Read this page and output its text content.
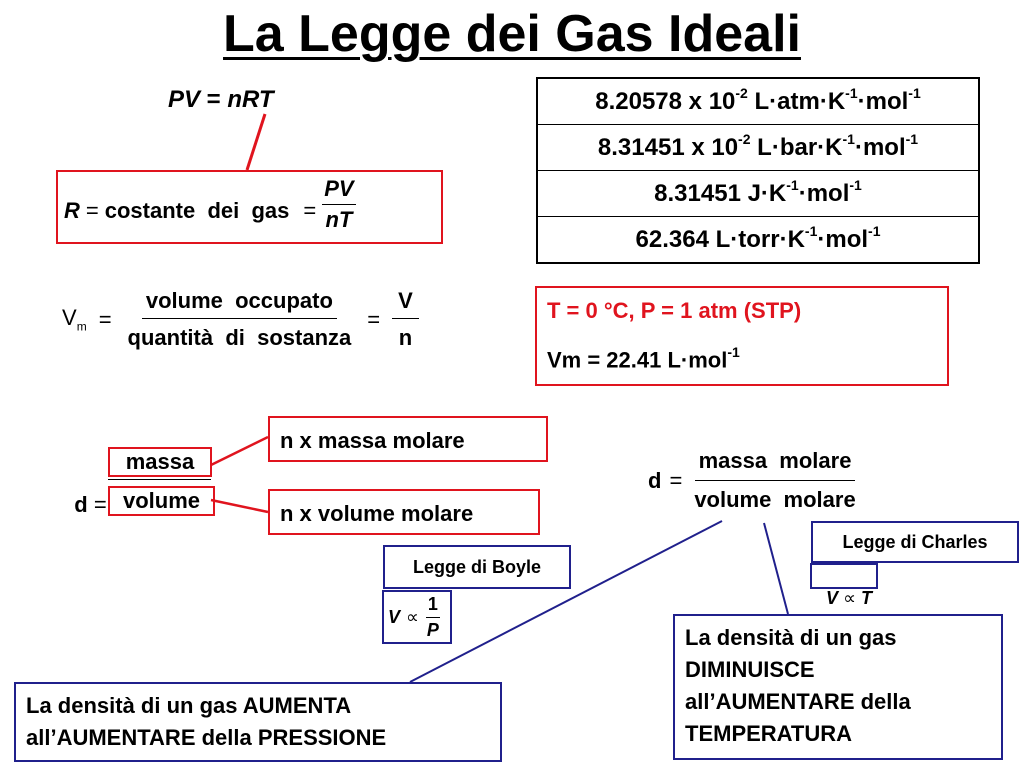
La Legge dei Gas Ideali
PV = nRT
R = costante  dei  gas = $\frac{PV}{nT}$
8.20578 x $10^{-2}$ $L\cdot atm\cdot K^{-1}\cdot mol^{-1}$
8.31451 x $10^{-2}$ $L\cdot bar\cdot K^{-1}\cdot mol^{-1}$
8.31451 $J\cdot K^{-1}\cdot mol^{-1}$
62.364 $L\cdot torr\cdot K^{-1}\cdot mol^{-1}$
$V_m = \frac{\text{volume  occupato}}{\text{quantità  di  sostanza}} = \frac{V}{n}$	T = 0 °C, P = 1 atm (STP)
Vm = 22.41 L·mol$^{-1}$

d =

massa
volume
n x massa molare
n x volume molare
$d = \frac{\text{massa  molare}}{\text{volume  molare}}$
Legge di Boyle
$V \propto \frac{1}{P}$
Legge di Charles

V ∝ T

La densità di un gas AUMENTA
all’AUMENTARE della PRESSIONE
La densità di un gas
DIMINUISCE
all’AUMENTARE della
TEMPERATURA
